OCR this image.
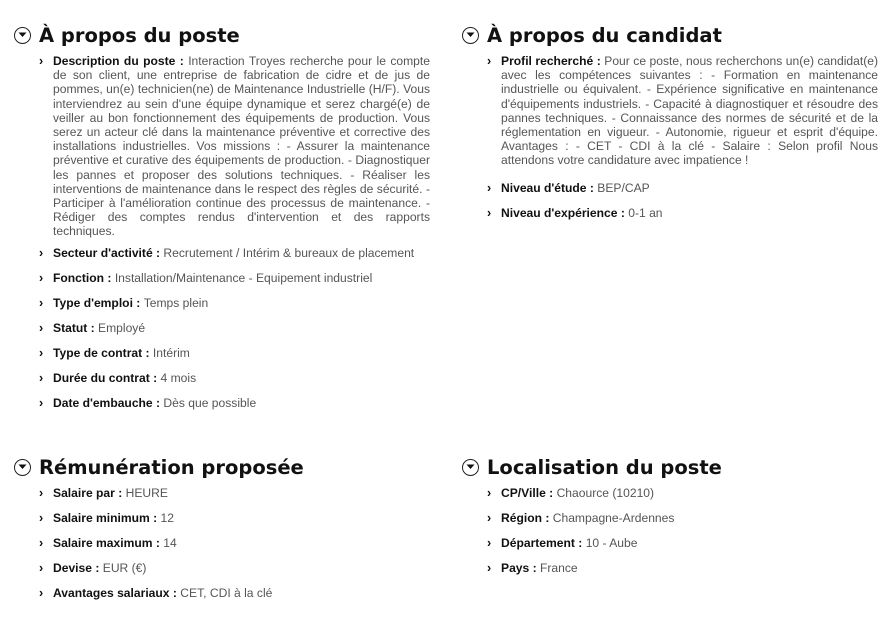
À propos du poste
› Description du poste : Interaction Troyes recherche pour le compte de son client, une entreprise de fabrication de cidre et de jus de pommes, un(e) technicien(ne) de Maintenance Industrielle (H/F). Vous interviendrez au sein d'une équipe dynamique et serez chargé(e) de veiller au bon fonctionnement des équipements de production. Vous serez un acteur clé dans la maintenance préventive et corrective des installations industrielles. Vos missions : - Assurer la maintenance préventive et curative des équipements de production. - Diagnostiquer les pannes et proposer des solutions techniques. - Réaliser les interventions de maintenance dans le respect des règles de sécurité. - Participer à l'amélioration continue des processus de maintenance. - Rédiger des comptes rendus d'intervention et des rapports techniques.
› Secteur d'activité : Recrutement / Intérim & bureaux de placement
› Fonction : Installation/Maintenance - Equipement industriel
› Type d'emploi : Temps plein
› Statut : Employé
› Type de contrat : Intérim
› Durée du contrat : 4 mois
› Date d'embauche : Dès que possible
À propos du candidat
› Profil recherché : Pour ce poste, nous recherchons un(e) candidat(e) avec les compétences suivantes : - Formation en maintenance industrielle ou équivalent. - Expérience significative en maintenance d'équipements industriels. - Capacité à diagnostiquer et résoudre des pannes techniques. - Connaissance des normes de sécurité et de la réglementation en vigueur. - Autonomie, rigueur et esprit d'équipe. Avantages : - CET - CDI à la clé - Salaire : Selon profil Nous attendons votre candidature avec impatience !
› Niveau d'étude : BEP/CAP
› Niveau d'expérience : 0-1 an
Rémunération proposée
› Salaire par : HEURE
› Salaire minimum : 12
› Salaire maximum : 14
› Devise : EUR (€)
› Avantages salariaux : CET, CDI à la clé
Localisation du poste
› CP/Ville : Chaource (10210)
› Région : Champagne-Ardennes
› Département : 10 - Aube
› Pays : France
